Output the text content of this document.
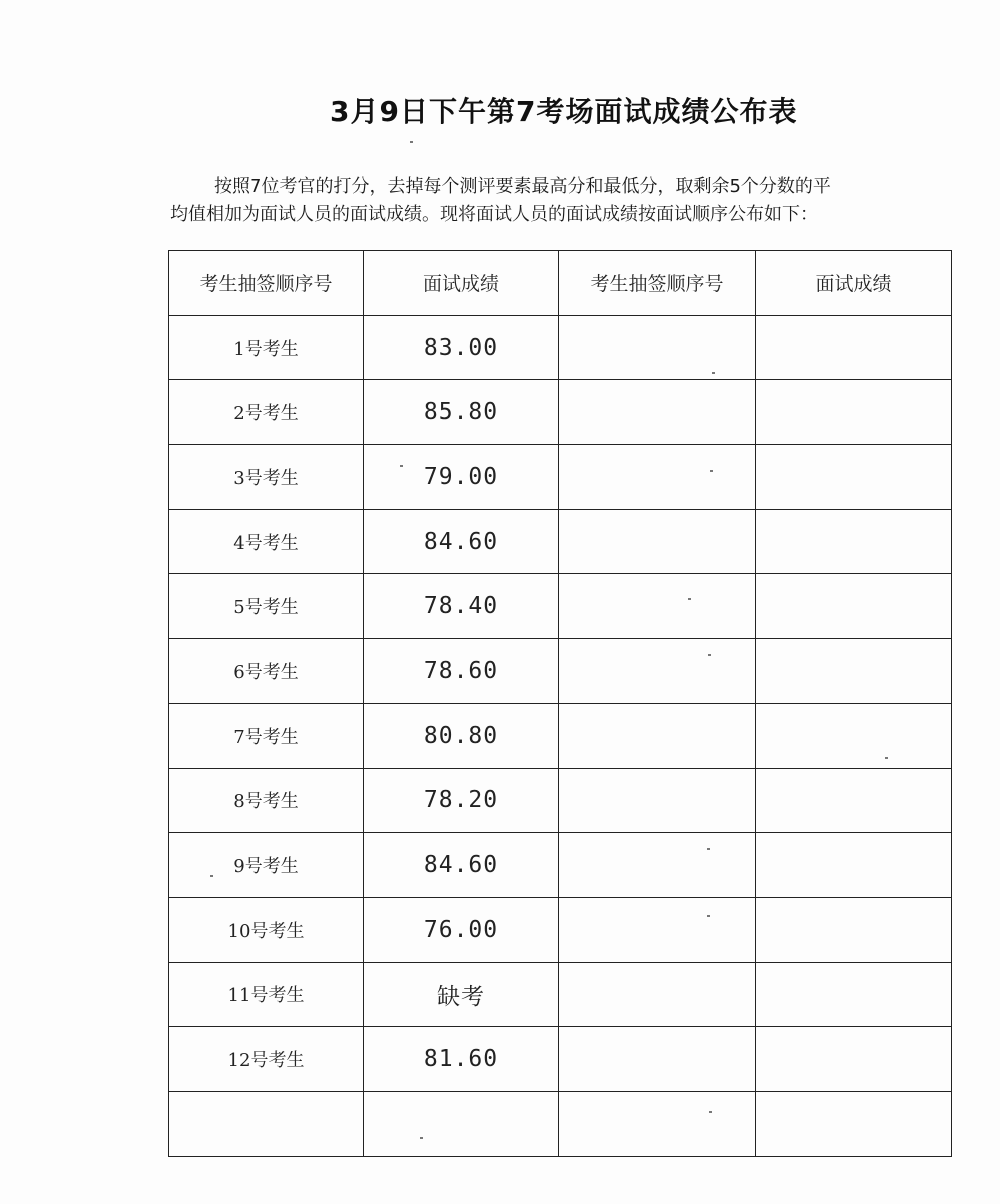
3月9日下午第7考场面试成绩公布表
按照7位考官的打分，去掉每个测评要素最高分和最低分，取剩余5个分数的平
均值相加为面试人员的面试成绩。现将面试人员的面试成绩按面试顺序公布如下：
考生抽签顺序号	面试成绩	考生抽签顺序号	面试成绩
1号考生	83.00		
2号考生	85.80		
3号考生	79.00		
4号考生	84.60		
5号考生	78.40		
6号考生	78.60		
7号考生	80.80		
8号考生	78.20		
9号考生	84.60		
10号考生	76.00		
11号考生	缺考		
12号考生	81.60		
